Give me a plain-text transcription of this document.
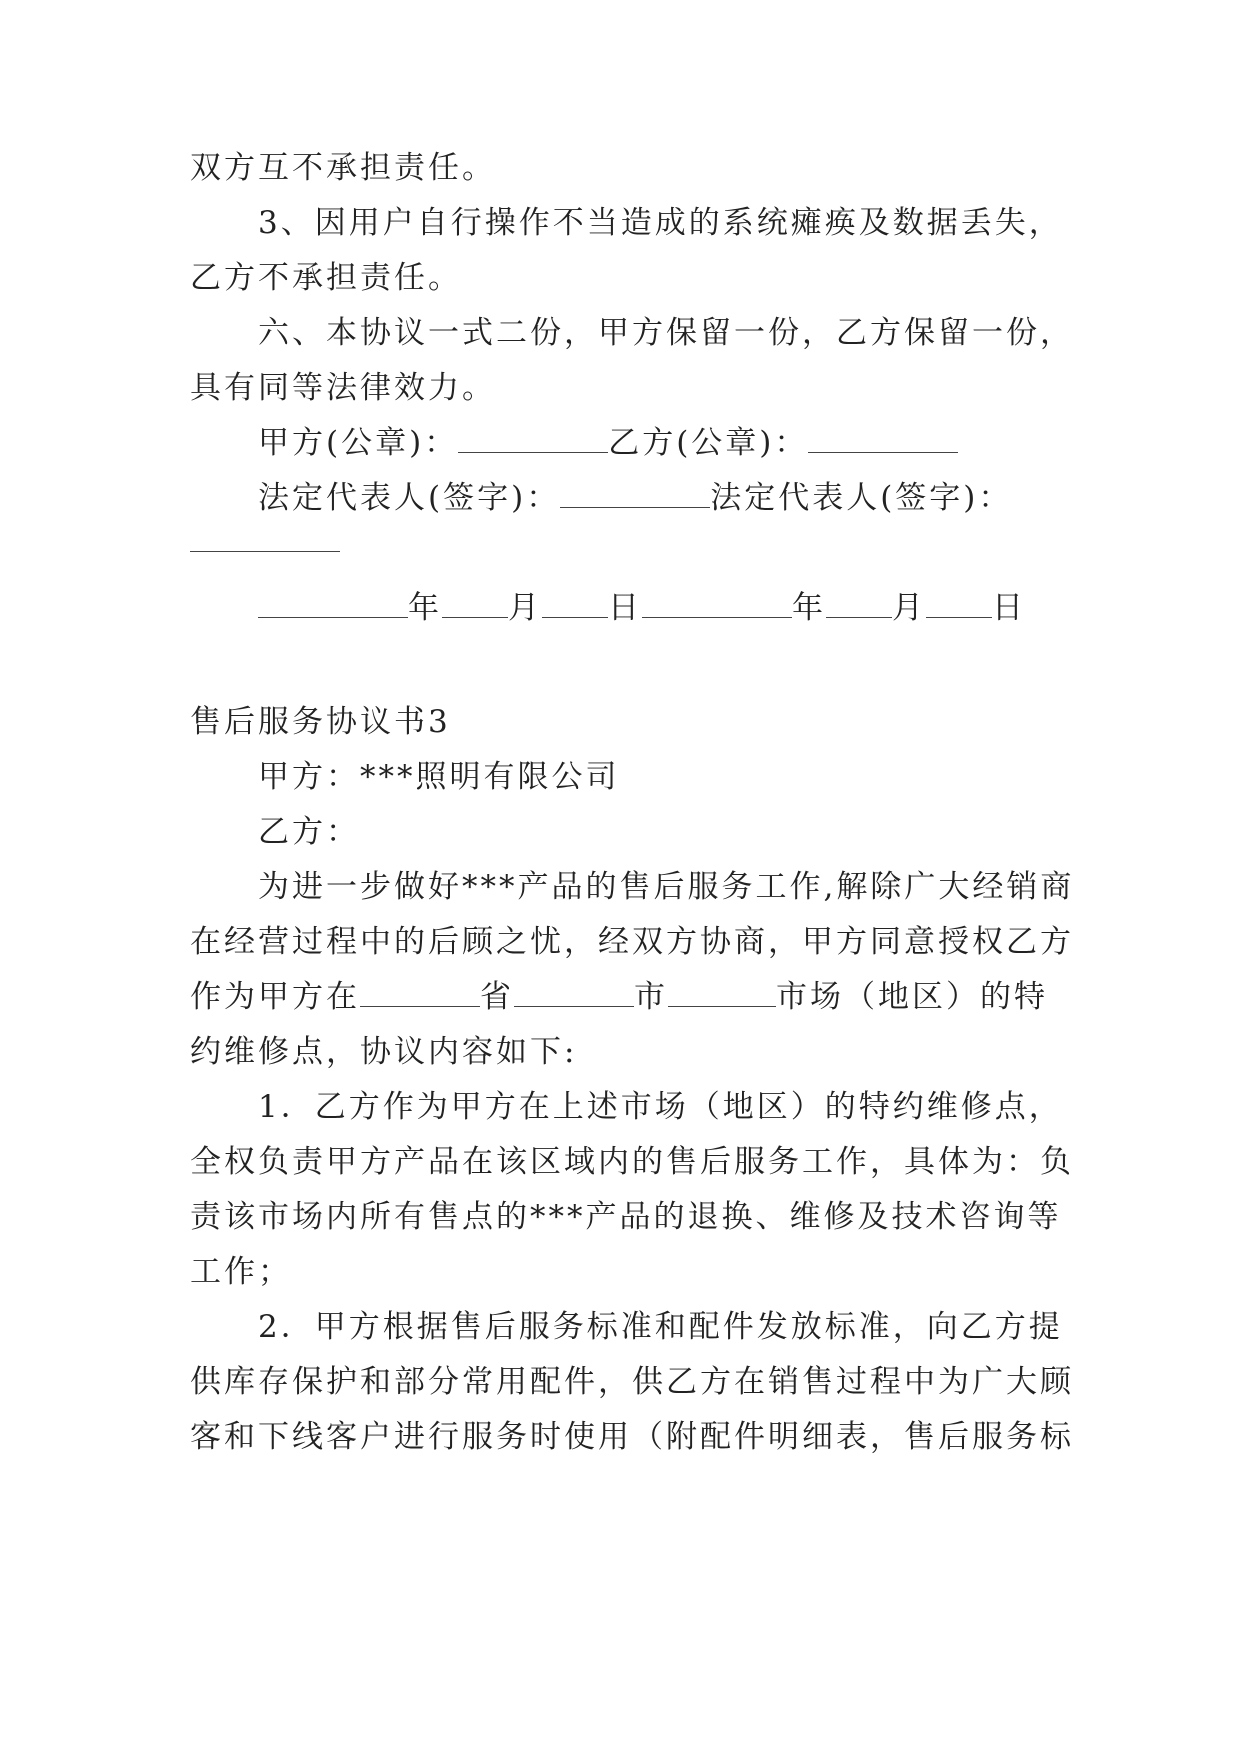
双方互不承担责任。
3、因用户自行操作不当造成的系统瘫痪及数据丢失，
乙方不承担责任。
六、本协议一式二份，甲方保留一份，乙方保留一份，
具有同等法律效力。
甲方(公章)：	乙方(公章)：
法定代表人(签字)：	法定代表人(签字)：
年 月 日	年 月 日
售后服务协议书3
甲方：***照明有限公司
乙方：
为进一步做好***产品的售后服务工作,解除广大经销商
在经营过程中的后顾之忧，经双方协商，甲方同意授权乙方
作为甲方在	省	市	市场（地区）的特
约维修点，协议内容如下:
1．乙方作为甲方在上述市场（地区）的特约维修点，
全权负责甲方产品在该区域内的售后服务工作，具体为：负
责该市场内所有售点的***产品的退换、维修及技术咨询等
工作；
2．甲方根据售后服务标准和配件发放标准，向乙方提
供库存保护和部分常用配件，供乙方在销售过程中为广大顾
客和下线客户进行服务时使用（附配件明细表，售后服务标
